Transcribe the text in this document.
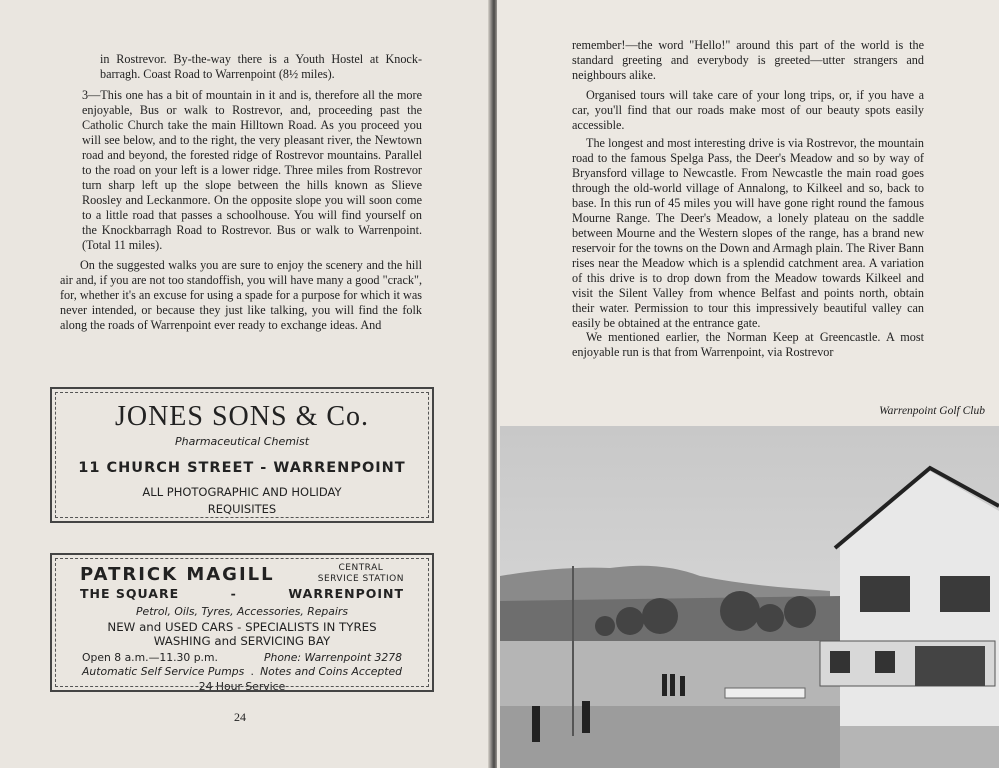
in Rostrevor. By-the-way there is a Youth Hostel at Knock-barragh. Coast Road to Warrenpoint (8½ miles).

3—This one has a bit of mountain in it and is, therefore all the more enjoyable, Bus or walk to Rostrevor, and, proceeding past the Catholic Church take the main Hilltown Road. As you proceed you will see below, and to the right, the very pleasant river, the Newtown road and beyond, the forested ridge of Rostrevor mountains. Parallel to the road on your left is a lower ridge. Three miles from Rostrevor turn sharp left up the slope between the hills known as Slieve Roosley and Leckanmore. On the opposite slope you will soon come to a little road that passes a schoolhouse. You will find yourself on the Knockbarragh Road to Rostrevor. Bus or walk to Warrenpoint. (Total 11 miles).

On the suggested walks you are sure to enjoy the scenery and the hill air and, if you are not too standoffish, you will have many a good "crack", for, whether it's an excuse for using a spade for a purpose for which it was never intended, or because they just like talking, you will find the folk along the roads of Warrenpoint ever ready to exchange ideas. And

JONES SONS & Co.
Pharmaceutical Chemist
11 CHURCH STREET - WARRENPOINT
ALL PHOTOGRAPHIC AND HOLIDAY
REQUISITES
PATRICK MAGILL	CENTRAL
SERVICE STATION
THE SQUARE	-	WARRENPOINT
Petrol, Oils, Tyres, Accessories, Repairs
NEW and USED CARS - SPECIALISTS IN TYRES
WASHING and SERVICING BAY
Open 8 a.m.—11.30 p.m.	Phone: Warrenpoint 3278
Automatic Self Service Pumps . Notes and Coins Accepted
24 Hour Service
24

remember!—the word "Hello!" around this part of the world is the standard greeting and everybody is greeted—utter strangers and neighbours alike.

Organised tours will take care of your long trips, or, if you have a car, you'll find that our roads make most of our beauty spots easily accessible.

The longest and most interesting drive is via Rostrevor, the mountain road to the famous Spelga Pass, the Deer's Meadow and so by way of Bryansford village to Newcastle. From Newcastle the main road goes through the old-world village of Annalong, to Kilkeel and so, back to base. In this run of 45 miles you will have gone right round the famous Mourne Range. The Deer's Meadow, a lonely plateau on the saddle between Mourne and the Western slopes of the range, has a brand new reservoir for the towns on the Down and Armagh plain. The River Bann rises near the Meadow which is a splendid catchment area. A variation of this drive is to drop down from the Meadow towards Kilkeel and visit the Silent Valley from whence Belfast and points north, obtain their water. Permission to tour this impressively beautiful valley can easily be obtained at the entrance gate.

We mentioned earlier, the Norman Keep at Greencastle. A most enjoyable run is that from Warrenpoint, via Rostrevor

Warrenpoint Golf Club
